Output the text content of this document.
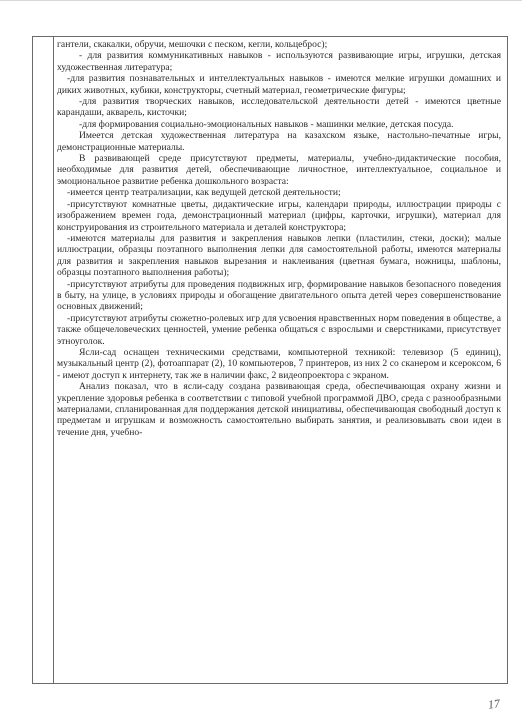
гантели, скакалки, обручи, мешочки с песком, кегли, кольцеброс);

- для развития коммуникативных навыков - используются развивающие игры, игрушки, детская художественная литература;

-для развития познавательных и интеллектуальных навыков - имеются мелкие игрушки домашних и диких животных, кубики, конструкторы, счетный материал, геометрические фигуры;

-для развития творческих навыков, исследовательской деятельности детей - имеются цветные карандаши, акварель, кисточки;

-для формирования социально-эмоциональных навыков - машинки мелкие, детская посуда.

Имеется детская художественная литература на казахском языке, настольно-печатные игры, демонстрационные материалы.

В развивающей среде присутствуют предметы, материалы, учебно-дидактические пособия, необходимые для развития детей, обеспечивающие личностное, интеллектуальное, социальное и эмоциональное развитие ребенка дошкольного возраста:

-имеется центр театрализации, как ведущей детской деятельности;

-присутствуют комнатные цветы, дидактические игры, календари природы, иллюстрации природы с изображением времен года, демонстрационный материал (цифры, карточки, игрушки), материал для конструирования из строительного материала и деталей конструктора;

-имеются материалы для развития и закрепления навыков лепки (пластилин, стеки, доски); малые иллюстрации, образцы поэтапного выполнения лепки для самостоятельной работы, имеются материалы для развития и закрепления навыков вырезания и наклеивания (цветная бумага, ножницы, шаблоны, образцы поэтапного выполнения работы);

-присутствуют атрибуты для проведения подвижных игр, формирование навыков безопасного поведения в быту, на улице, в условиях природы и обогащение двигательного опыта детей через совершенствование основных движений;

-присутствуют атрибуты сюжетно-ролевых игр для усвоения нравственных норм поведения в обществе, а также общечеловеческих ценностей, умение ребенка общаться с взрослыми и сверстниками, присутствует этноуголок.

Ясли-сад оснащен техническими средствами, компьютерной техникой: телевизор (5 единиц), музыкальный центр (2), фотоаппарат (2), 10 компьютеров, 7 принтеров, из них 2 со сканером и ксероксом, 6 - имеют доступ к интернету, так же в наличии факс, 2 видеопроектора с экраном.

Анализ показал, что в ясли-саду создана развивающая среда, обеспечивающая охрану жизни и укрепление здоровья ребенка в соответствии с типовой учебной программой ДВО, среда с разнообразными материалами, спланированная для поддержания детской инициативы, обеспечивающая свободный доступ к предметам и игрушкам и возможность самостоятельно выбирать занятия, и реализовывать свои идеи в течение дня, учебно-

17
